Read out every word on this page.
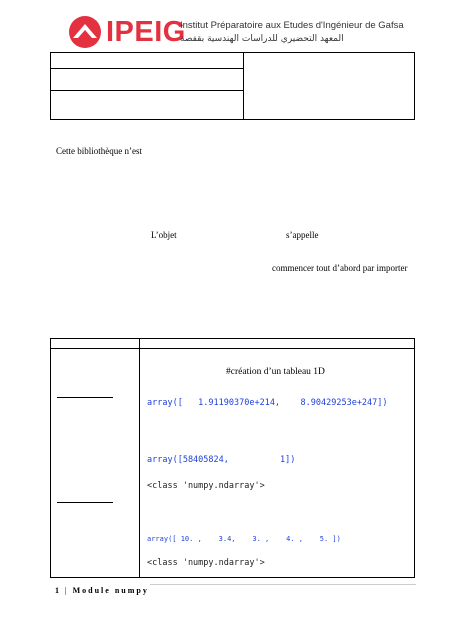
IPEIG
Institut Préparatoire aux Etudes d'Ingénieur de Gafsa
المعهد التحضيري للدراسات الهندسية بقفصة
Cette bibliothèque n’est
L’objet	s’appelle
commencer tout d’abord par importer
#création d’un tableau 1D
array([   1.91190370e+214,    8.90429253e+247])
array([58405824,          1])
<class 'numpy.ndarray'>
array([ 10. ,    3.4,    3. ,    4. ,    5. ])
<class 'numpy.ndarray'>
1 | Module numpy
